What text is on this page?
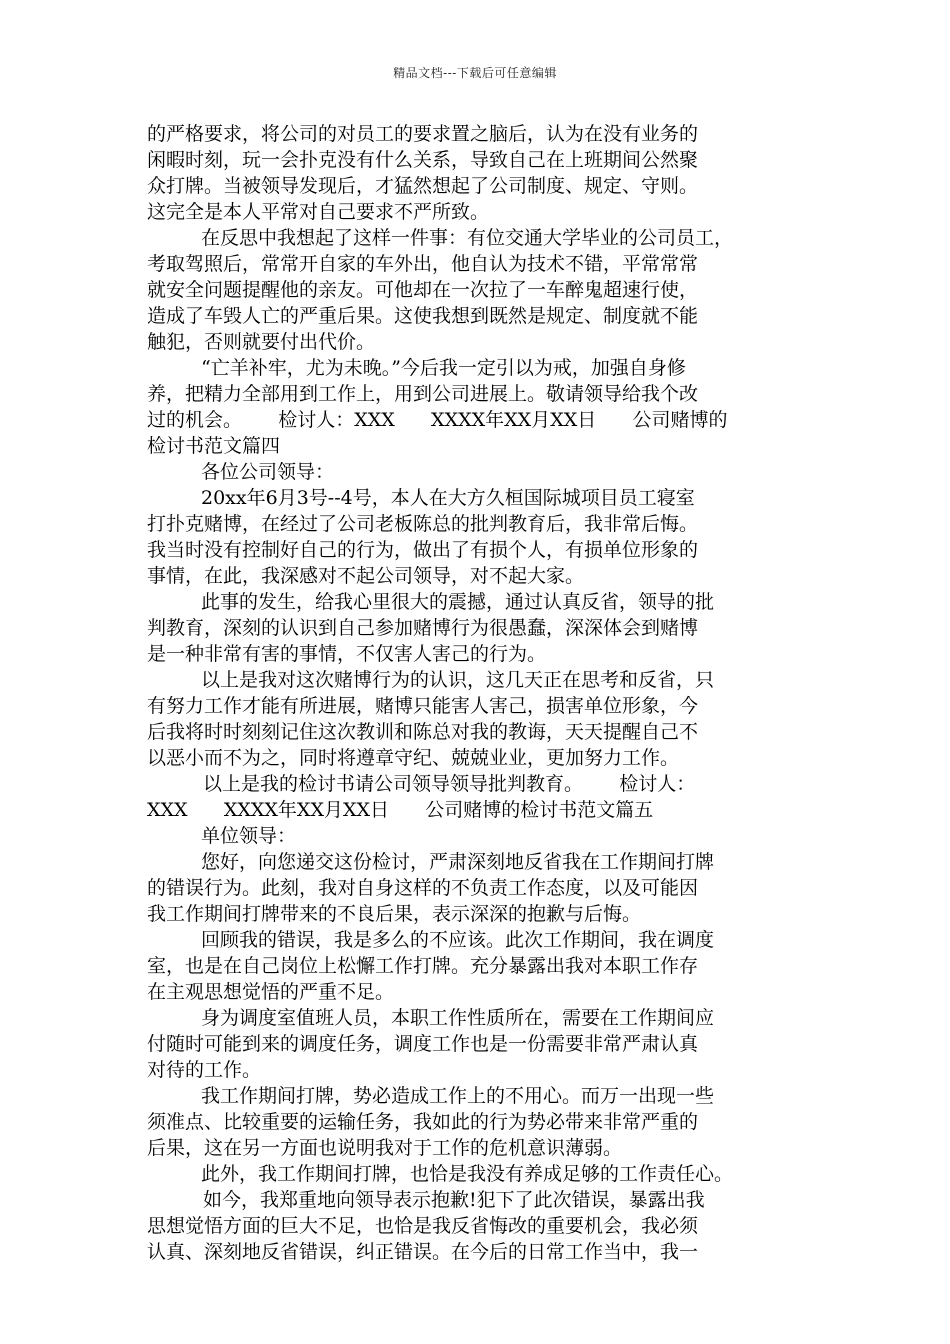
精品文档---下载后可任意编辑
的严格要求，将公司的对员工的要求置之脑后，认为在没有业务的
闲暇时刻，玩一会扑克没有什么关系，导致自己在上班期间公然聚
众打牌。当被领导发现后，才猛然想起了公司制度、规定、守则。
这完全是本人平常对自己要求不严所致。
在反思中我想起了这样一件事：有位交通大学毕业的公司员工，
考取驾照后，常常开自家的车外出，他自认为技术不错，平常常常
就安全问题提醒他的亲友。可他却在一次拉了一车醉鬼超速行使，
造成了车毁人亡的严重后果。这使我想到既然是规定、制度就不能
触犯，否则就要付出代价。
“亡羊补牢，尤为未晚。”今后我一定引以为戒，加强自身修
养，把精力全部用到工作上，用到公司进展上。敬请领导给我个改
过的机会。      检讨人：XXX      XXXX年XX月XX日      公司赌博的
检讨书范文篇四
各位公司领导：
20xx年6月3号--4号，本人在大方久桓国际城项目员工寝室
打扑克赌博，在经过了公司老板陈总的批判教育后，我非常后悔。
我当时没有控制好自己的行为，做出了有损个人，有损单位形象的
事情，在此，我深感对不起公司领导，对不起大家。
此事的发生，给我心里很大的震撼，通过认真反省，领导的批
判教育，深刻的认识到自己参加赌博行为很愚蠢，深深体会到赌博
是一种非常有害的事情，不仅害人害己的行为。
以上是我对这次赌博行为的认识，这几天正在思考和反省，只
有努力工作才能有所进展，赌博只能害人害己，损害单位形象，今
后我将时时刻刻记住这次教训和陈总对我的教诲，天天提醒自己不
以恶小而不为之，同时将遵章守纪、兢兢业业，更加努力工作。
以上是我的检讨书请公司领导领导批判教育。      检讨人：
XXX      XXXX年XX月XX日      公司赌博的检讨书范文篇五
单位领导：
您好，向您递交这份检讨，严肃深刻地反省我在工作期间打牌
的错误行为。此刻，我对自身这样的不负责工作态度，以及可能因
我工作期间打牌带来的不良后果，表示深深的抱歉与后悔。
回顾我的错误，我是多么的不应该。此次工作期间，我在调度
室，也是在自己岗位上松懈工作打牌。充分暴露出我对本职工作存
在主观思想觉悟的严重不足。
身为调度室值班人员，本职工作性质所在，需要在工作期间应
付随时可能到来的调度任务，调度工作也是一份需要非常严肃认真
对待的工作。
我工作期间打牌，势必造成工作上的不用心。而万一出现一些
须准点、比较重要的运输任务，我如此的行为势必带来非常严重的
后果，这在另一方面也说明我对于工作的危机意识薄弱。
此外，我工作期间打牌，也恰是我没有养成足够的工作责任心。
如今，我郑重地向领导表示抱歉!犯下了此次错误，暴露出我
思想觉悟方面的巨大不足，也恰是我反省悔改的重要机会，我必须
认真、深刻地反省错误，纠正错误。在今后的日常工作当中，我一
